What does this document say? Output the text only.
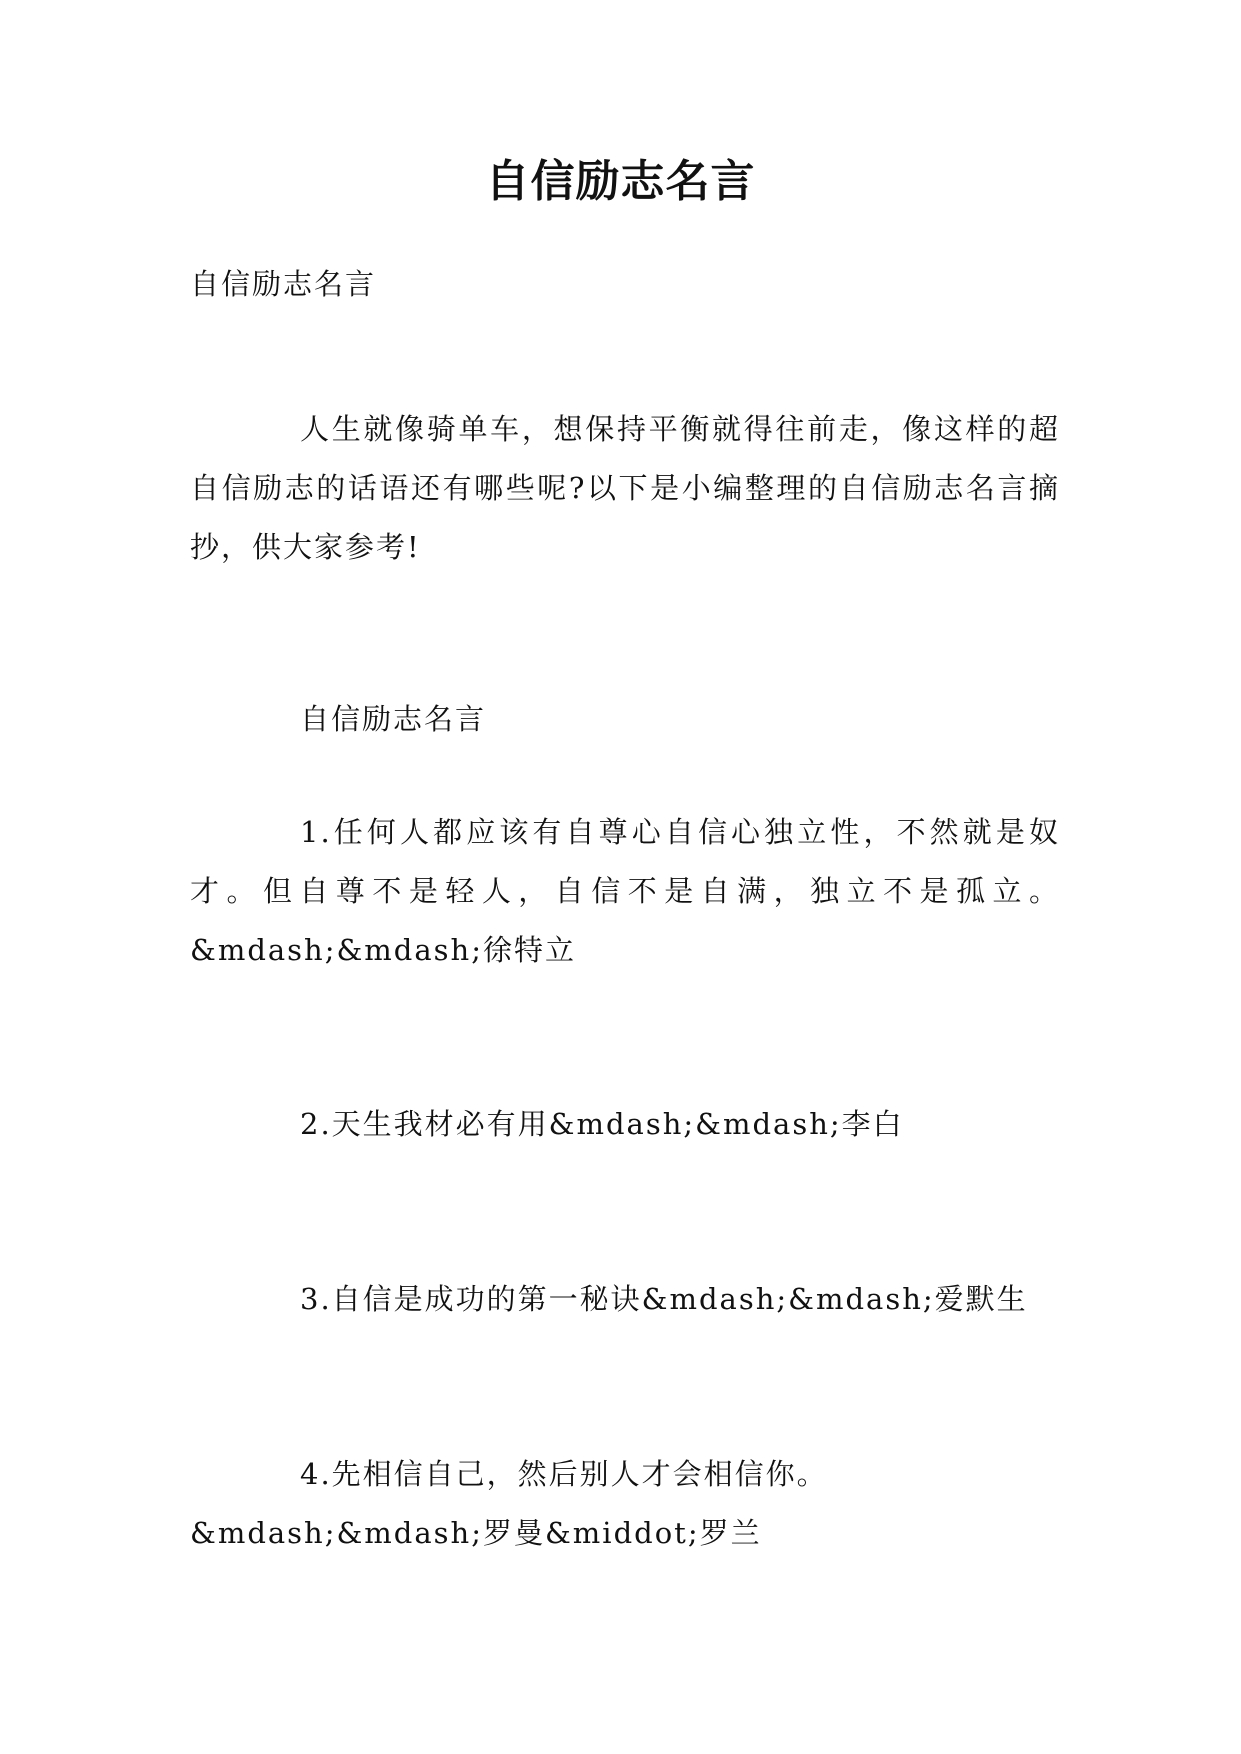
自信励志名言

自信励志名言

人生就像骑单车，想保持平衡就得往前走，像这样的超自信励志的话语还有哪些呢?以下是小编整理的自信励志名言摘抄，供大家参考!

自信励志名言

1.任何人都应该有自尊心自信心独立性，不然就是奴才。但自尊不是轻人，自信不是自满，独立不是孤立。&mdash;&mdash;徐特立

2.天生我材必有用&mdash;&mdash;李白

3.自信是成功的第一秘诀&mdash;&mdash;爱默生

4.先相信自己，然后别人才会相信你。&mdash;&mdash;罗曼&middot;罗兰
